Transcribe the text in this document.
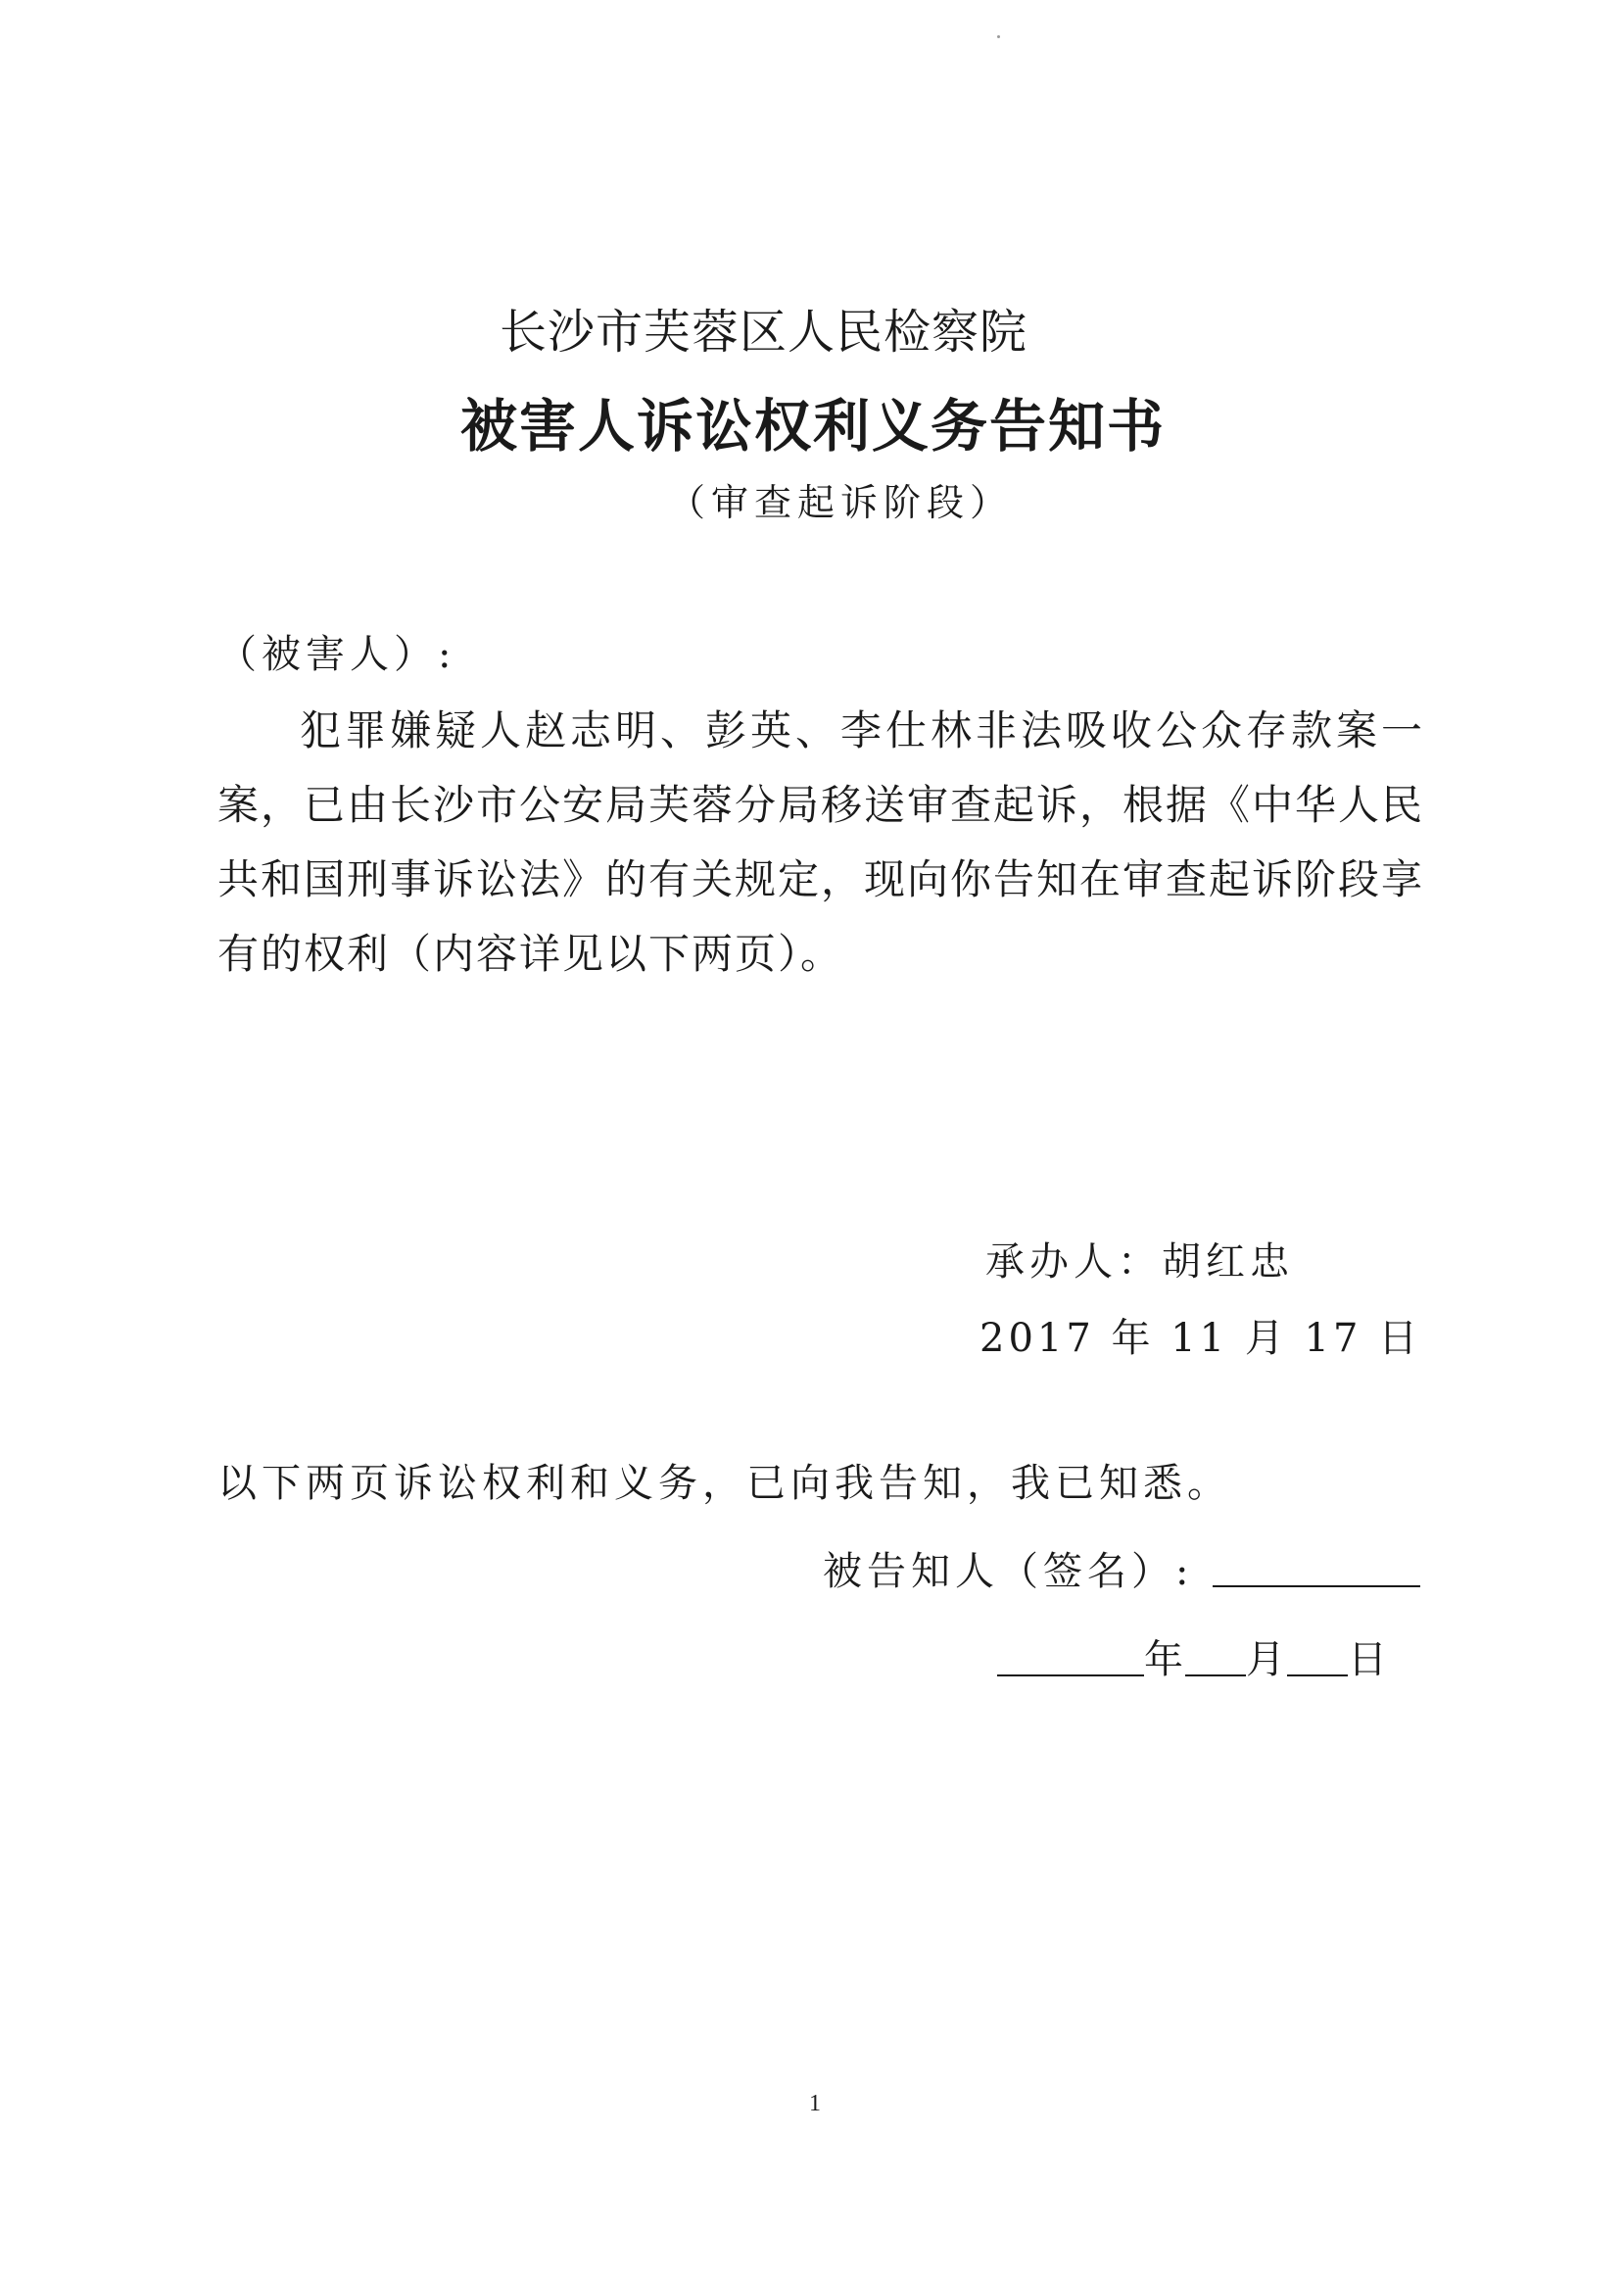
长沙市芙蓉区人民检察院
被害人诉讼权利义务告知书
（审查起诉阶段）
（被害人）:
犯罪嫌疑人赵志明、彭英、李仕林非法吸收公众存款案一案，已由长沙市公安局芙蓉分局移送审查起诉，根据《中华人民共和国刑事诉讼法》的有关规定，现向你告知在审查起诉阶段享有的权利（内容详见以下两页）。
承办人：胡红忠
2017 年 11 月 17 日
以下两页诉讼权利和义务，已向我告知，我已知悉。
被告知人（签名）:
年 月 日
1
